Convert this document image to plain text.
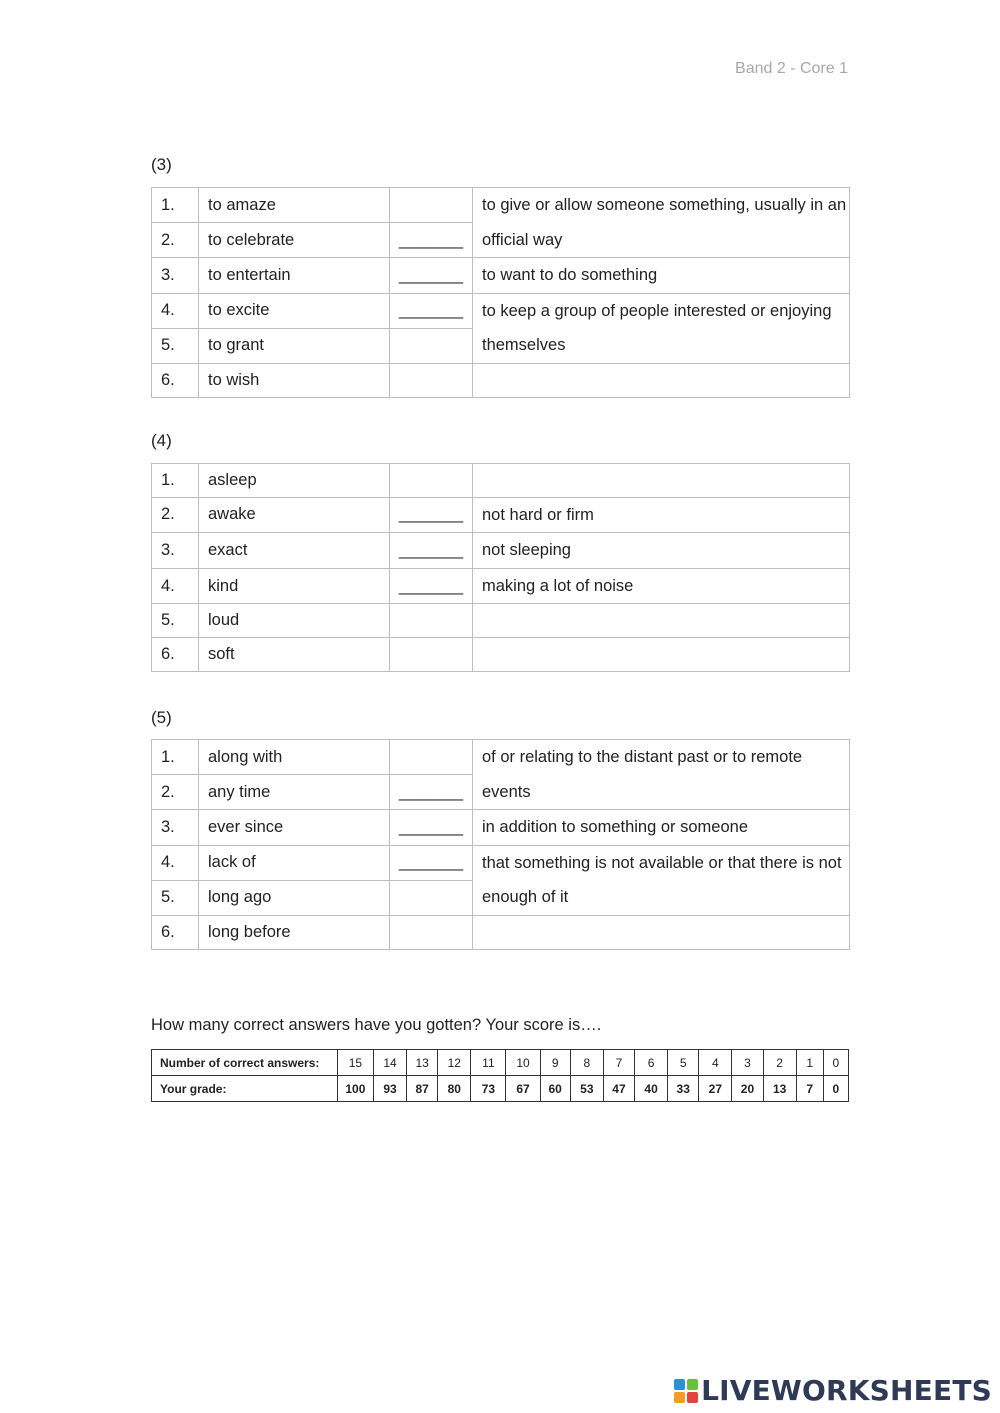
Band 2 - Core 1
(3)
1.	to amaze		to give or allow someone something, usually in an official way
2.	to celebrate	_______	
3.	to entertain	_______	to want to do something
4.	to excite	_______	to keep a group of people interested or enjoying themselves
5.	to grant		
6.	to wish		
(4)
1.	asleep		
2.	awake	_______	not hard or firm
3.	exact	_______	not sleeping
4.	kind	_______	making a lot of noise
5.	loud		
6.	soft		
(5)
1.	along with		of or relating to the distant past or to remote events
2.	any time	_______	
3.	ever since	_______	in addition to something or someone
4.	lack of	_______	that something is not available or that there is not enough of it
5.	long ago		
6.	long before		
How many correct answers have you gotten? Your score is….
Number of correct answers:	15	14	13	12	11	10	9	8	7	6	5	4	3	2	1	0
Your grade:	100	93	87	80	73	67	60	53	47	40	33	27	20	13	7	0
LIVEWORKSHEETS
